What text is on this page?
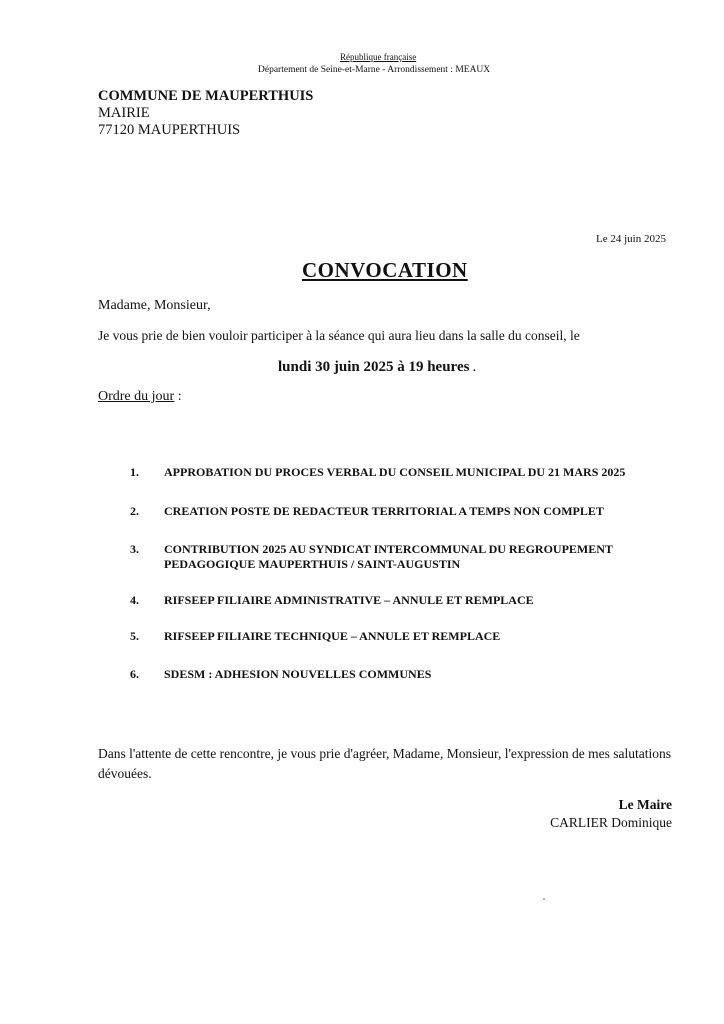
République française
Département de Seine-et-Marne - Arrondissement : MEAUX
COMMUNE DE MAUPERTHUIS
MAIRIE
77120 MAUPERTHUIS
Le 24 juin 2025
CONVOCATION
Madame, Monsieur,
Je vous prie de bien vouloir participer à la séance qui aura lieu dans la salle du conseil, le
lundi 30 juin 2025 à 19 heures .
Ordre du jour :
1.	APPROBATION DU PROCES VERBAL DU CONSEIL MUNICIPAL DU 21 MARS 2025
2.	CREATION POSTE DE REDACTEUR TERRITORIAL A TEMPS NON COMPLET
3.	CONTRIBUTION 2025 AU SYNDICAT INTERCOMMUNAL DU REGROUPEMENT PEDAGOGIQUE MAUPERTHUIS / SAINT-AUGUSTIN
4.	RIFSEEP FILIAIRE ADMINISTRATIVE – ANNULE ET REMPLACE
5.	RIFSEEP FILIAIRE TECHNIQUE – ANNULE ET REMPLACE
6.	SDESM : ADHESION NOUVELLES COMMUNES
Dans l'attente de cette rencontre, je vous prie d'agréer, Madame, Monsieur, l'expression de mes salutations dévouées.
Le Maire
CARLIER Dominique
